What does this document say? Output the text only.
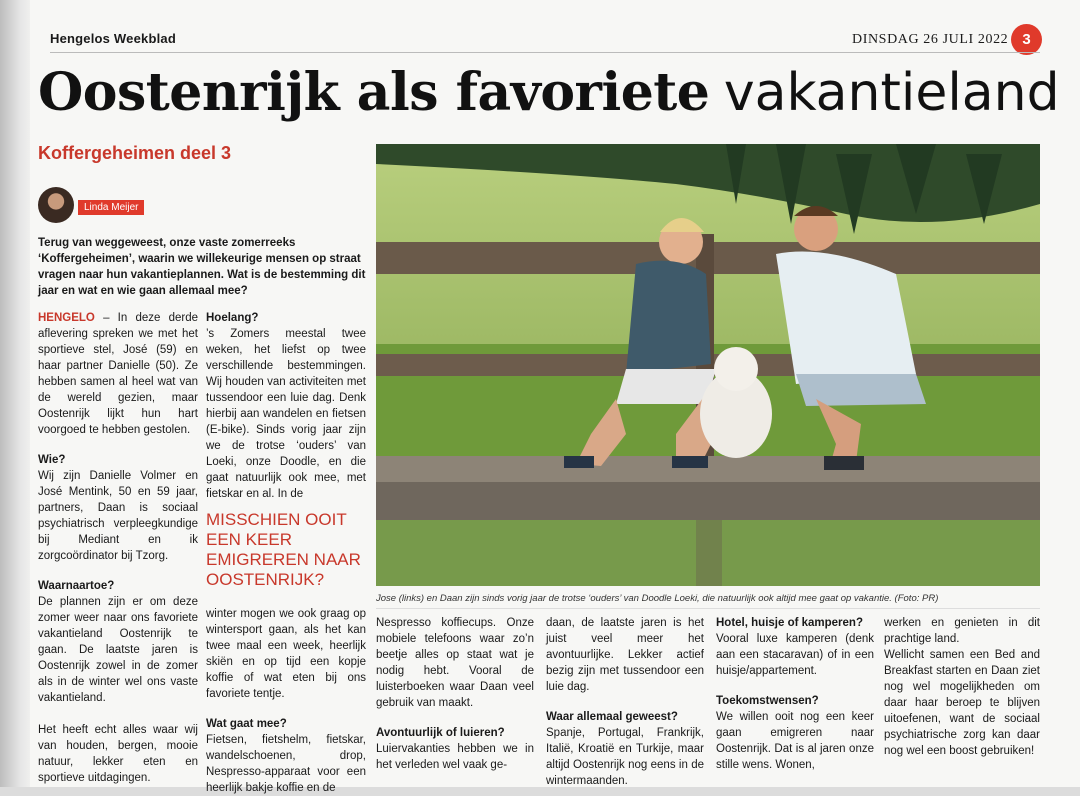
Hengelos Weekblad	DINSDAG 26 JULI 2022 3
Oostenrijk als favoriete vakantieland
Koffergeheimen deel 3
Linda Meijer

Terug van weggeweest, onze vaste zomerreeks ‘Koffergeheimen’, waarin we willekeurige mensen op straat vragen naar hun vakantieplannen. Wat is de bestemming dit jaar en wat en wie gaan allemaal mee?

HENGELO – In deze derde aflevering spreken we met het sportieve stel, José (59) en haar partner Danielle (50). Ze hebben samen al heel wat van de wereld gezien, maar Oostenrijk lijkt hun hart voorgoed te hebben gestolen.

Wie?

Wij zijn Danielle Volmer en José Mentink, 50 en 59 jaar, partners, Daan is sociaal psychiatrisch verpleegkundige bij Mediant en ik zorgcoördinator bij Tzorg.

Waarnaartoe?

De plannen zijn er om deze zomer weer naar ons favoriete vakantieland Oostenrijk te gaan. De laatste jaren is Oostenrijk zowel in de zomer als in de winter wel ons vaste vakantieland.

Het heeft echt alles waar wij van houden, bergen, mooie natuur, lekker eten en sportieve uitdagingen.

Hoelang?

’s Zomers meestal twee weken, het liefst op twee verschillende bestemmingen. Wij houden van activiteiten met tussendoor een luie dag. Denk hierbij aan wandelen en fietsen (E-bike). Sinds vorig jaar zijn we de trotse ‘ouders’ van Loeki, onze Doodle, en die gaat natuurlijk ook mee, met fietskar en al. In de

MISSCHIEN OOIT EEN KEER EMIGREREN NAAR OOSTENRIJK?

winter mogen we ook graag op wintersport gaan, als het kan twee maal een week, heerlijk skiën en op tijd een kopje koffie of wat eten bij ons favoriete tentje.

Wat gaat mee?

Fietsen, fietshelm, fietskar, wandelschoenen, drop, Nespresso-apparaat voor een heerlijk bakje koffie en de

Jose (links) en Daan zijn sinds vorig jaar de trotse ‘ouders’ van Doodle Loeki, die natuurlijk ook altijd mee gaat op vakantie. (Foto: PR)

Nespresso koffiecups. Onze mobiele telefoons waar zo’n beetje alles op staat wat je nodig hebt. Vooral de luisterboeken waar Daan veel gebruik van maakt.

Avontuurlijk of luieren?

Luiervakanties hebben we in het verleden wel vaak ge-

daan, de laatste jaren is het juist veel meer het avontuurlijke. Lekker actief bezig zijn met tussendoor een luie dag.

Waar allemaal geweest?

Spanje, Portugal, Frankrijk, Italië, Kroatië en Turkije, maar altijd Oostenrijk nog eens in de wintermaanden.

Hotel, huisje of kamperen?

Vooral luxe kamperen (denk aan een stacaravan) of in een huisje/appartement.

Toekomstwensen?

We willen ooit nog een keer gaan emigreren naar Oostenrijk. Dat is al jaren onze stille wens. Wonen,

werken en genieten in dit prachtige land.

Wellicht samen een Bed and Breakfast starten en Daan ziet nog wel mogelijkheden om daar haar beroep te blijven uitoefenen, want de sociaal psychiatrische zorg kan daar nog wel een boost gebruiken!
